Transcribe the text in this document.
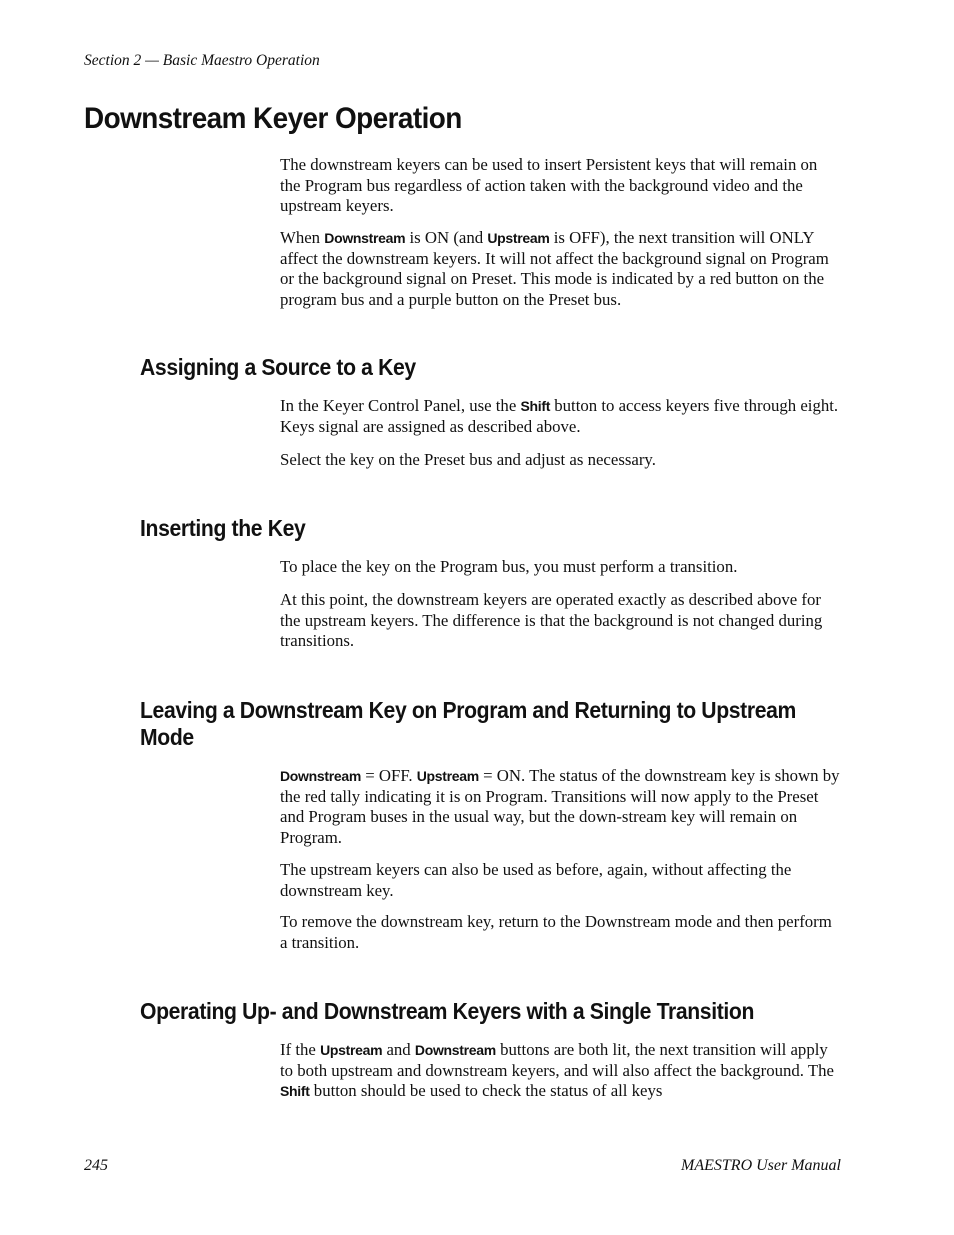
Section 2 — Basic Maestro Operation
Downstream Keyer Operation

The downstream keyers can be used to insert Persistent keys that will remain on the Program bus regardless of action taken with the background video and the upstream keyers.

When Downstream is ON (and Upstream is OFF), the next transition will ONLY affect the downstream keyers. It will not affect the background signal on Program or the background signal on Preset. This mode is indicated by a red button on the program bus and a purple button on the Preset bus.

Assigning a Source to a Key

In the Keyer Control Panel, use the Shift button to access keyers five through eight. Keys signal are assigned as described above.

Select the key on the Preset bus and adjust as necessary.

Inserting the Key

To place the key on the Program bus, you must perform a transition.

At this point, the downstream keyers are operated exactly as described above for the upstream keyers. The difference is that the background is not changed during transitions.

Leaving a Downstream Key on Program and Returning to Upstream Mode

Downstream = OFF. Upstream = ON. The status of the downstream key is shown by the red tally indicating it is on Program. Transitions will now apply to the Preset and Program buses in the usual way, but the down-stream key will remain on Program.

The upstream keyers can also be used as before, again, without affecting the downstream key.

To remove the downstream key, return to the Downstream mode and then perform a transition.

Operating Up- and Downstream Keyers with a Single Transition

If the Upstream and Downstream buttons are both lit, the next transition will apply to both upstream and downstream keyers, and will also affect the background. The Shift button should be used to check the status of all keys

245	MAESTRO User Manual
